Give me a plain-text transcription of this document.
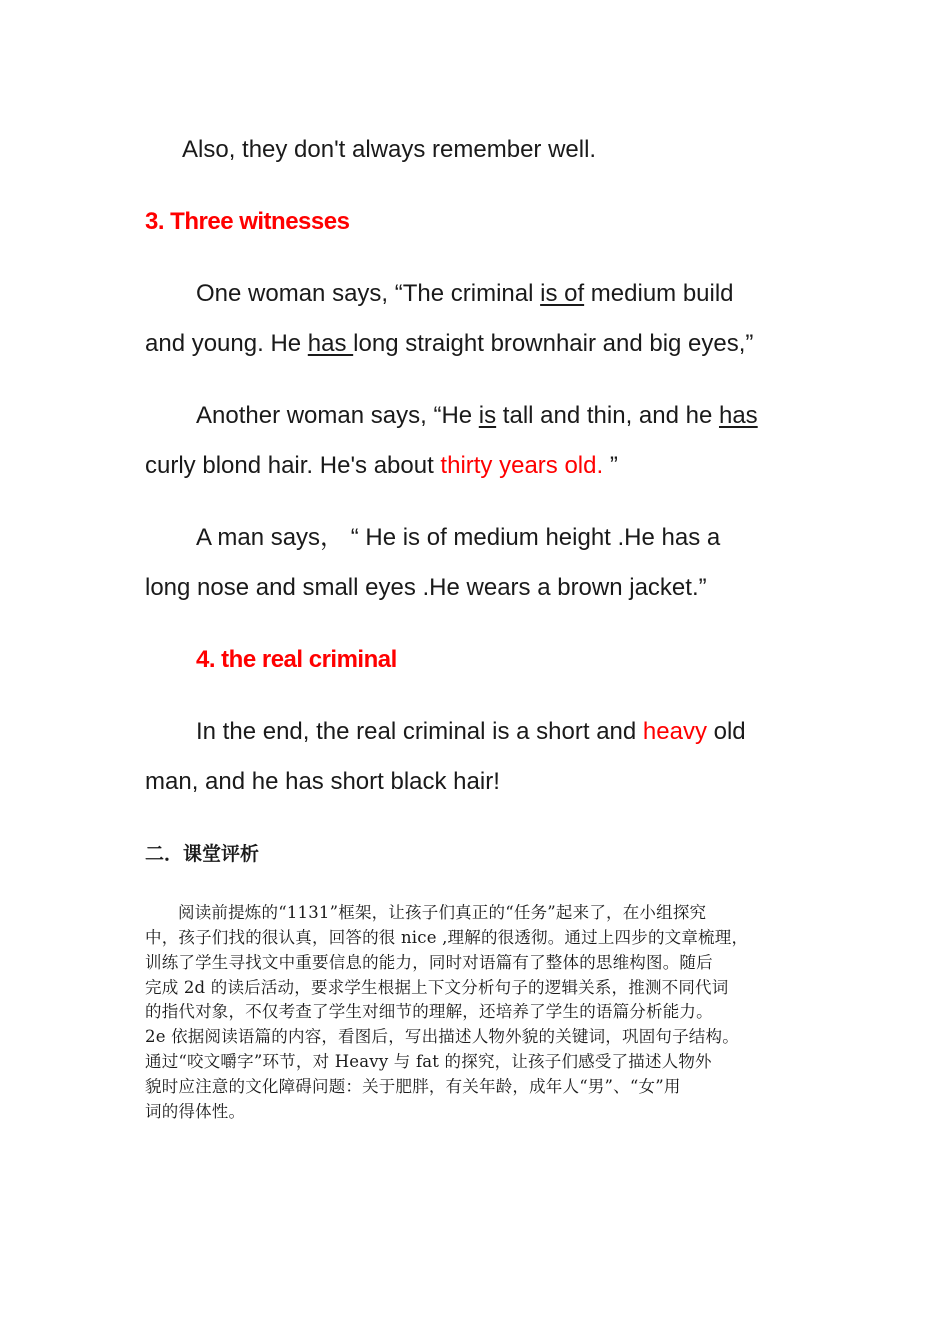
Also, they don't always remember well.
3. Three witnesses
One woman says, “The criminal is of medium build
and young. He has long straight brownhair and big eyes,”
Another woman says, “He is tall and thin, and he has
curly blond hair. He's about thirty years old. ”
A man says， “ He is of medium height .He has a
long nose and small eyes .He wears a brown jacket.”
4. the real criminal
In the end, the real criminal is a short and heavy old
man, and he has short black hair!
二．课堂评析
阅读前提炼的“1131”框架，让孩子们真正的“任务”起来了，在小组探究
中，孩子们找的很认真，回答的很 nice ,理解的很透彻。通过上四步的文章梳理，
训练了学生寻找文中重要信息的能力，同时对语篇有了整体的思维构图。随后
完成 2d 的读后活动，要求学生根据上下文分析句子的逻辑关系，推测不同代词
的指代对象，不仅考查了学生对细节的理解，还培养了学生的语篇分析能力。
2e 依据阅读语篇的内容，看图后，写出描述人物外貌的关键词，巩固句子结构。
通过“咬文嚼字”环节，对 Heavy 与 fat 的探究，让孩子们感受了描述人物外
貌时应注意的文化障碍问题：关于肥胖，有关年龄，成年人“男”、“女”用
词的得体性。
